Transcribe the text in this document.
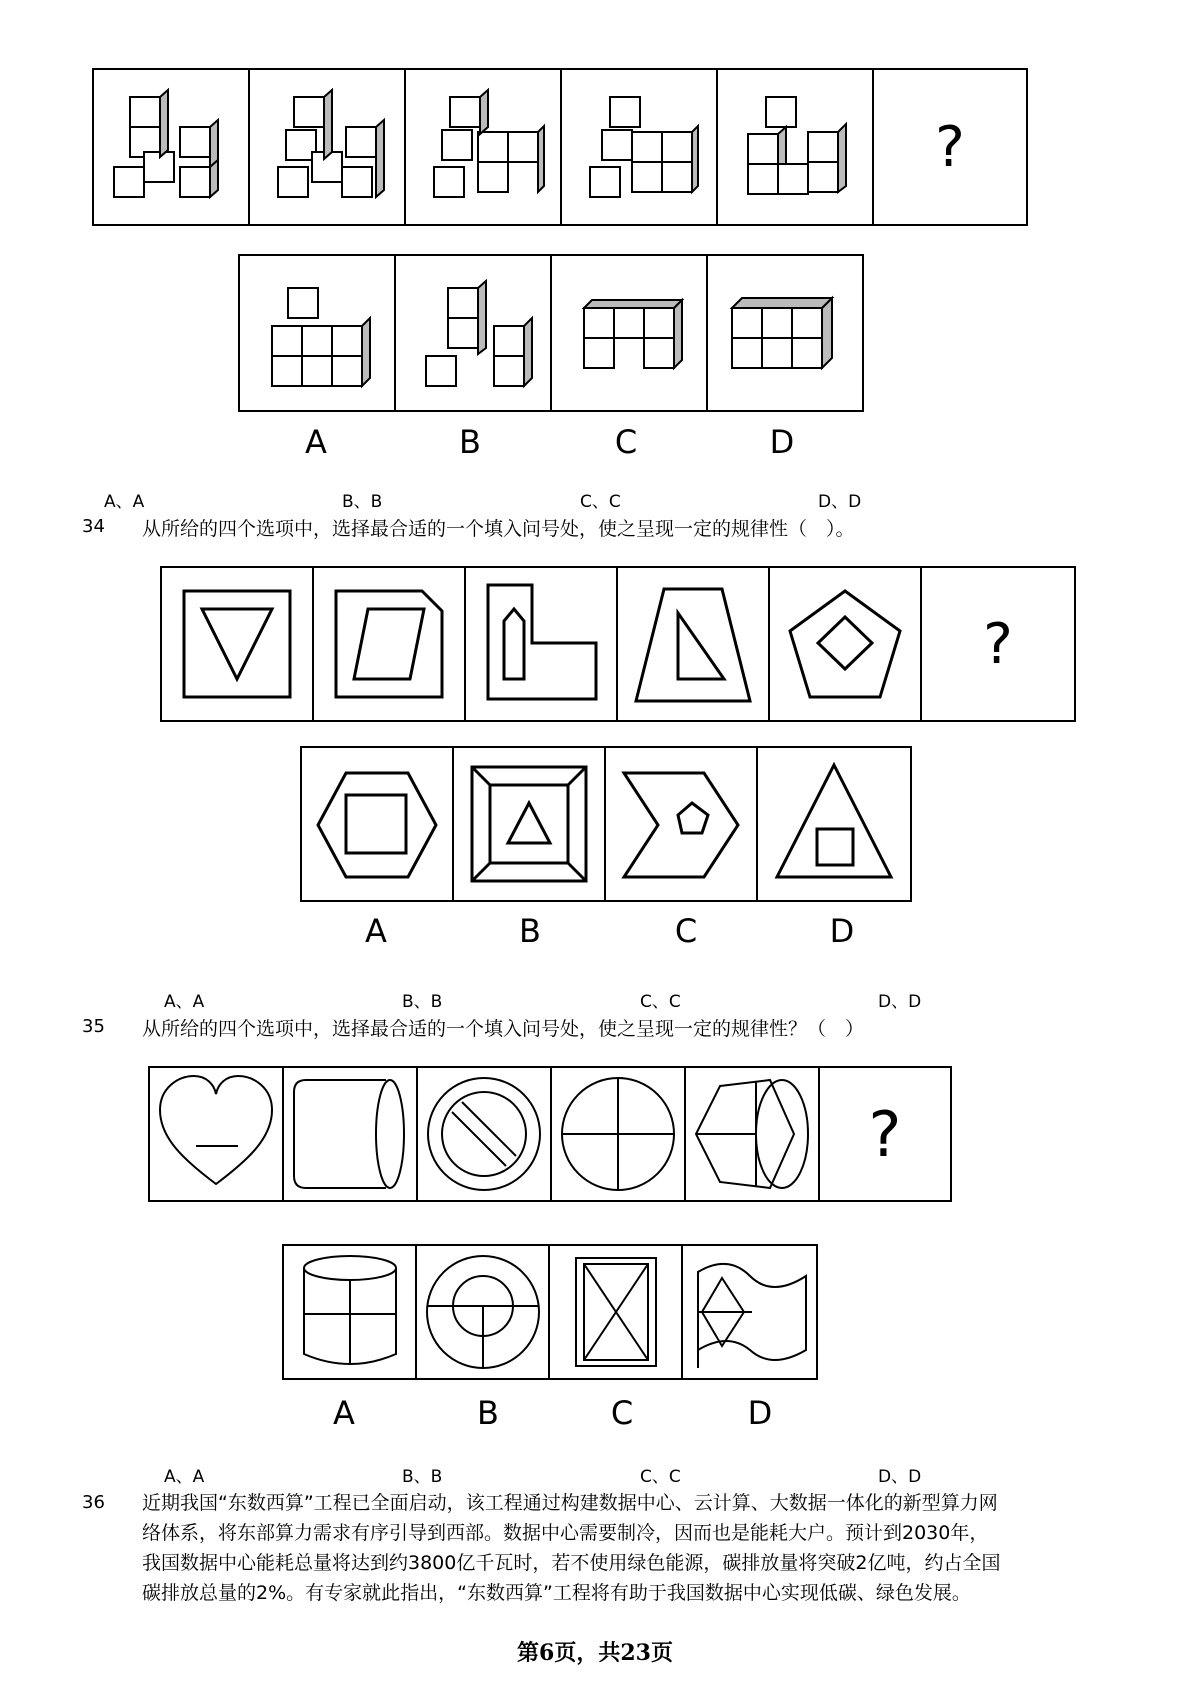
?
A	B	C	D
A、A	B、B	C、C	D、D
34 从所给的四个选项中，选择最合适的一个填入问号处，使之呈现一定的规律性（　）。
?
A	B	C	D
A、A	B、B	C、C	D、D
35 从所给的四个选项中，选择最合适的一个填入问号处，使之呈现一定的规律性？（　）
?
A	B	C	D
A、A	B、B	C、C	D、D
36 近期我国“东数西算”工程已全面启动，该工程通过构建数据中心、云计算、大数据一体化的新型算力网
络体系，将东部算力需求有序引导到西部。数据中心需要制冷，因而也是能耗大户。预计到2030年，
我国数据中心能耗总量将达到约3800亿千瓦时，若不使用绿色能源，碳排放量将突破2亿吨，约占全国
碳排放总量的2%。有专家就此指出，“东数西算”工程将有助于我国数据中心实现低碳、绿色发展。
第6页，共23页
